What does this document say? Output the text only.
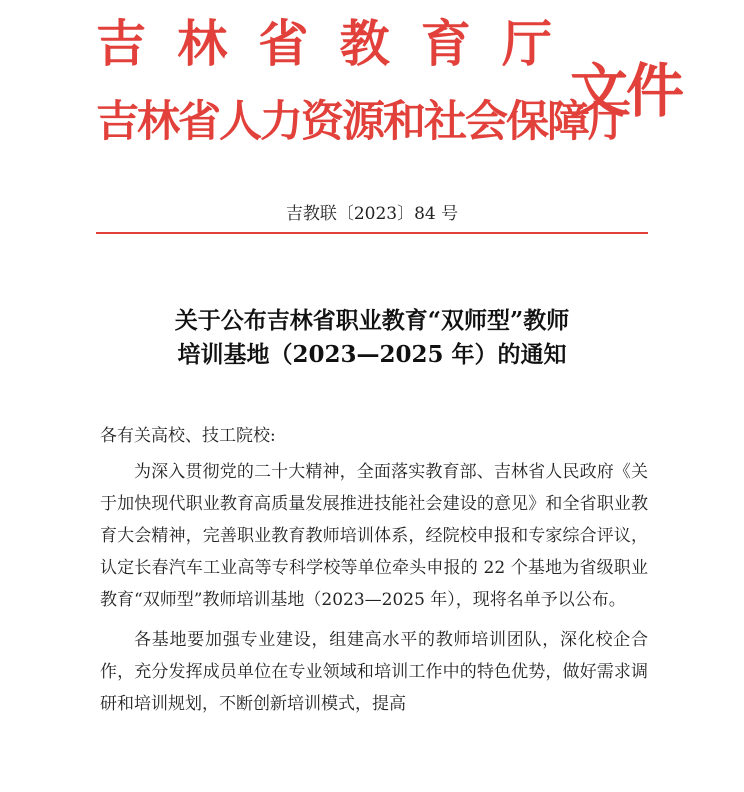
吉 林 省 教 育 厅
吉林省人力资源和社会保障厅
文件
吉教联〔2023〕84 号
关于公布吉林省职业教育“双师型”教师
培训基地（2023—2025 年）的通知
各有关高校、技工院校:

为深入贯彻党的二十大精神，全面落实教育部、吉林省人民政府《关于加快现代职业教育高质量发展推进技能社会建设的意见》和全省职业教育大会精神，完善职业教育教师培训体系，经院校申报和专家综合评议，认定长春汽车工业高等专科学校等单位牵头申报的 22 个基地为省级职业教育“双师型”教师培训基地（2023—2025 年），现将名单予以公布。

各基地要加强专业建设，组建高水平的教师培训团队，深化校企合作，充分发挥成员单位在专业领域和培训工作中的特色优势，做好需求调研和培训规划，不断创新培训模式，提高
